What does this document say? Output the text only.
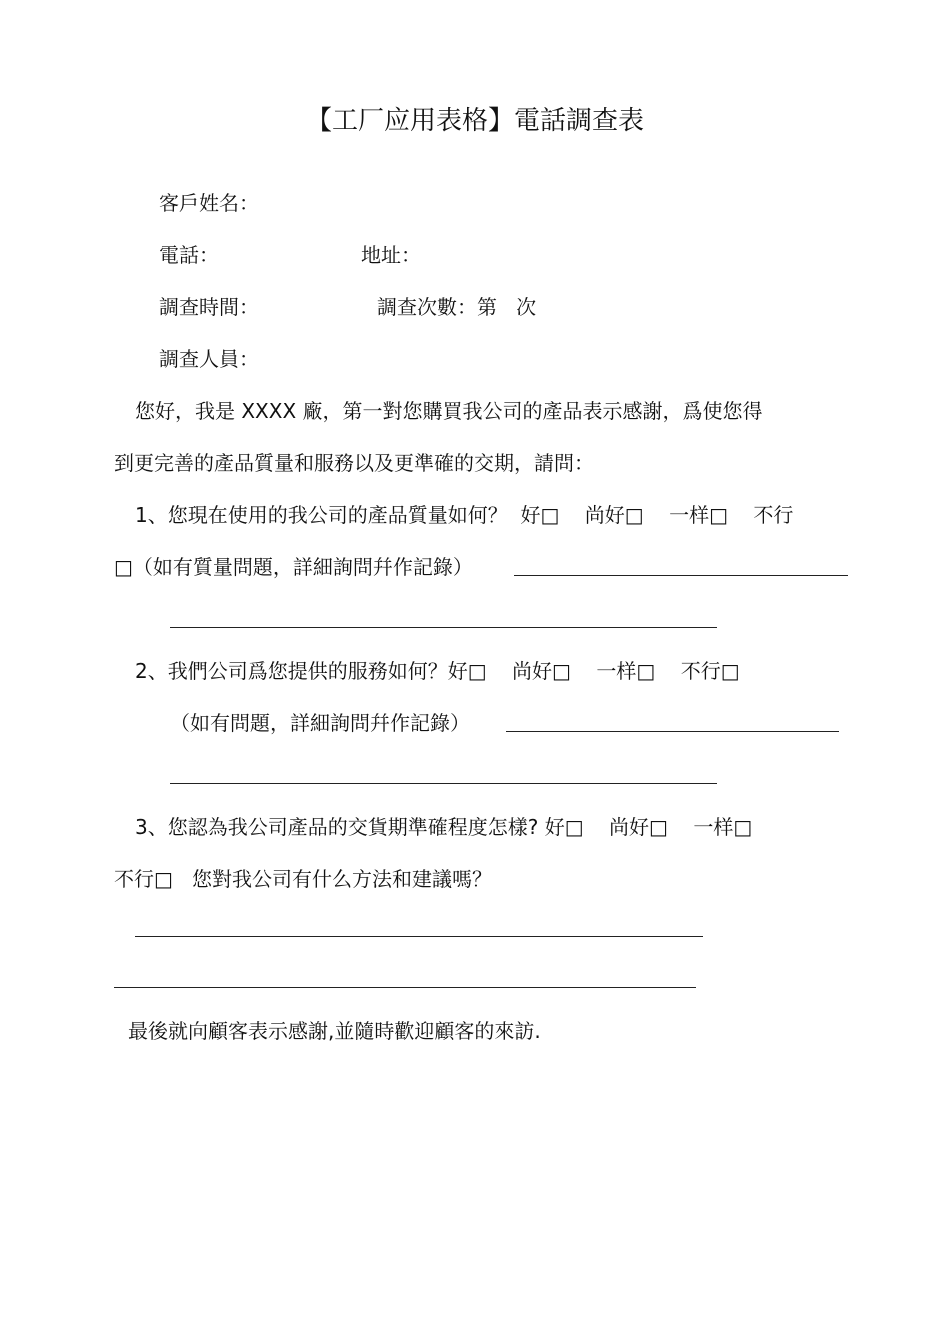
【工厂应用表格】電話調查表
客戶姓名：
電話：	地址：
調查時間：	調查次數：第   次
調查人員：
您好，我是 XXXX 廠，第一對您購買我公司的產品表示感謝，爲使您得
到更完善的產品質量和服務以及更準確的交期，請問：
1、您現在使用的我公司的產品質量如何？  好□    尚好□    一样□    不行
□（如有質量問題，詳細詢問幷作記錄）
2、我們公司爲您提供的服務如何？好□    尚好□    一样□    不行□
（如有問題，詳細詢問幷作記錄）
3、您認為我公司產品的交貨期準確程度怎樣? 好□    尚好□    一样□
不行□   您對我公司有什么方法和建議嗎？
最後就向顧客表示感謝,並隨時歡迎顧客的來訪.
